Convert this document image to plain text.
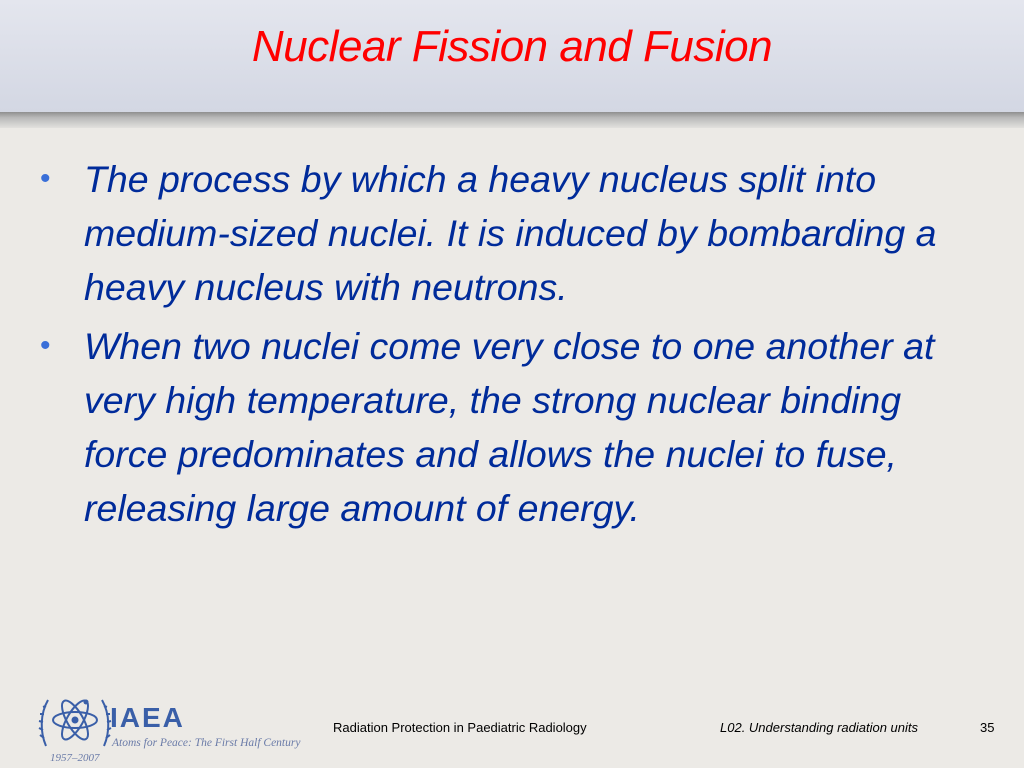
Nuclear Fission and Fusion
• The process by which a heavy nucleus split into medium-sized nuclei. It is induced by bombarding a heavy nucleus with neutrons.
• When two nuclei come very close to one another at very high temperature, the strong nuclear binding force predominates and allows the nuclei to fuse, releasing large amount of energy.
IAEA
Atoms for Peace: The First Half Century
1957–2007
Radiation Protection in Paediatric Radiology	L02. Understanding radiation units	35
